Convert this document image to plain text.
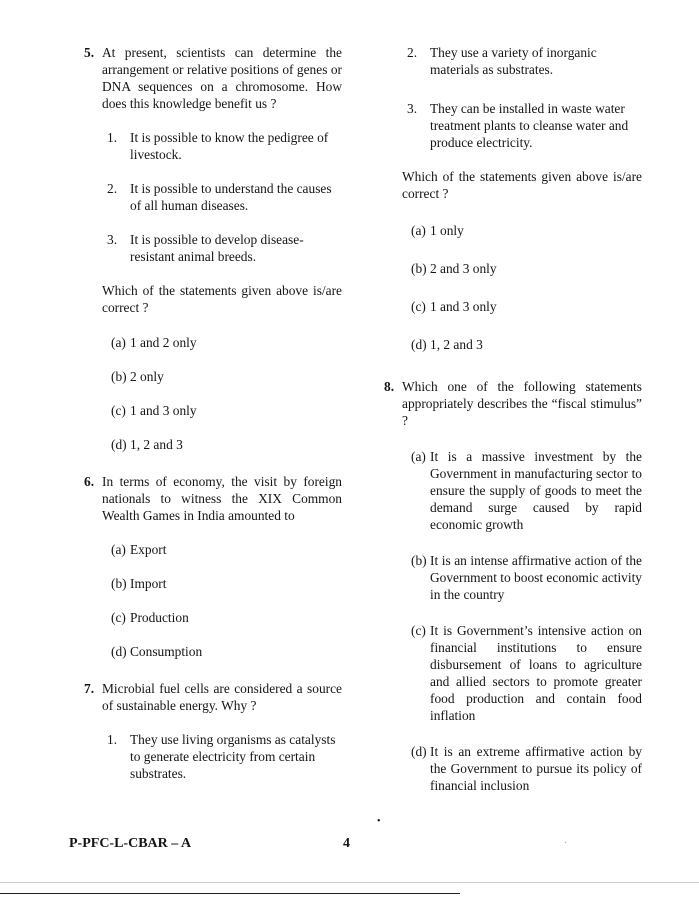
5. At present, scientists can determine the arrangement or relative positions of genes or DNA sequences on a chromosome. How does this knowledge benefit us ?
1. It is possible to know the pedigree of livestock.
2. It is possible to understand the causes of all human diseases.
3. It is possible to develop disease-resistant animal breeds.
Which of the statements given above is/are correct ?
(a) 1 and 2 only
(b) 2 only
(c) 1 and 3 only
(d) 1, 2 and 3
6. In terms of economy, the visit by foreign nationals to witness the XIX Common Wealth Games in India amounted to
(a) Export
(b) Import
(c) Production
(d) Consumption
7. Microbial fuel cells are considered a source of sustainable energy. Why ?
1. They use living organisms as catalysts to generate electricity from certain substrates.
2. They use a variety of inorganic materials as substrates.
3. They can be installed in waste water treatment plants to cleanse water and produce electricity.
Which of the statements given above is/are correct ?
(a) 1 only
(b) 2 and 3 only
(c) 1 and 3 only
(d) 1, 2 and 3
8. Which one of the following statements appropriately describes the “fiscal stimulus” ?
(a) It is a massive investment by the Government in manufacturing sector to ensure the supply of goods to meet the demand surge caused by rapid economic growth
(b) It is an intense affirmative action of the Government to boost economic activity in the country
(c) It is Government’s intensive action on financial institutions to ensure disbursement of loans to agriculture and allied sectors to promote greater food production and contain food inflation
(d) It is an extreme affirmative action by the Government to pursue its policy of financial inclusion
•
P-PFC-L-CBAR – A	4	·
